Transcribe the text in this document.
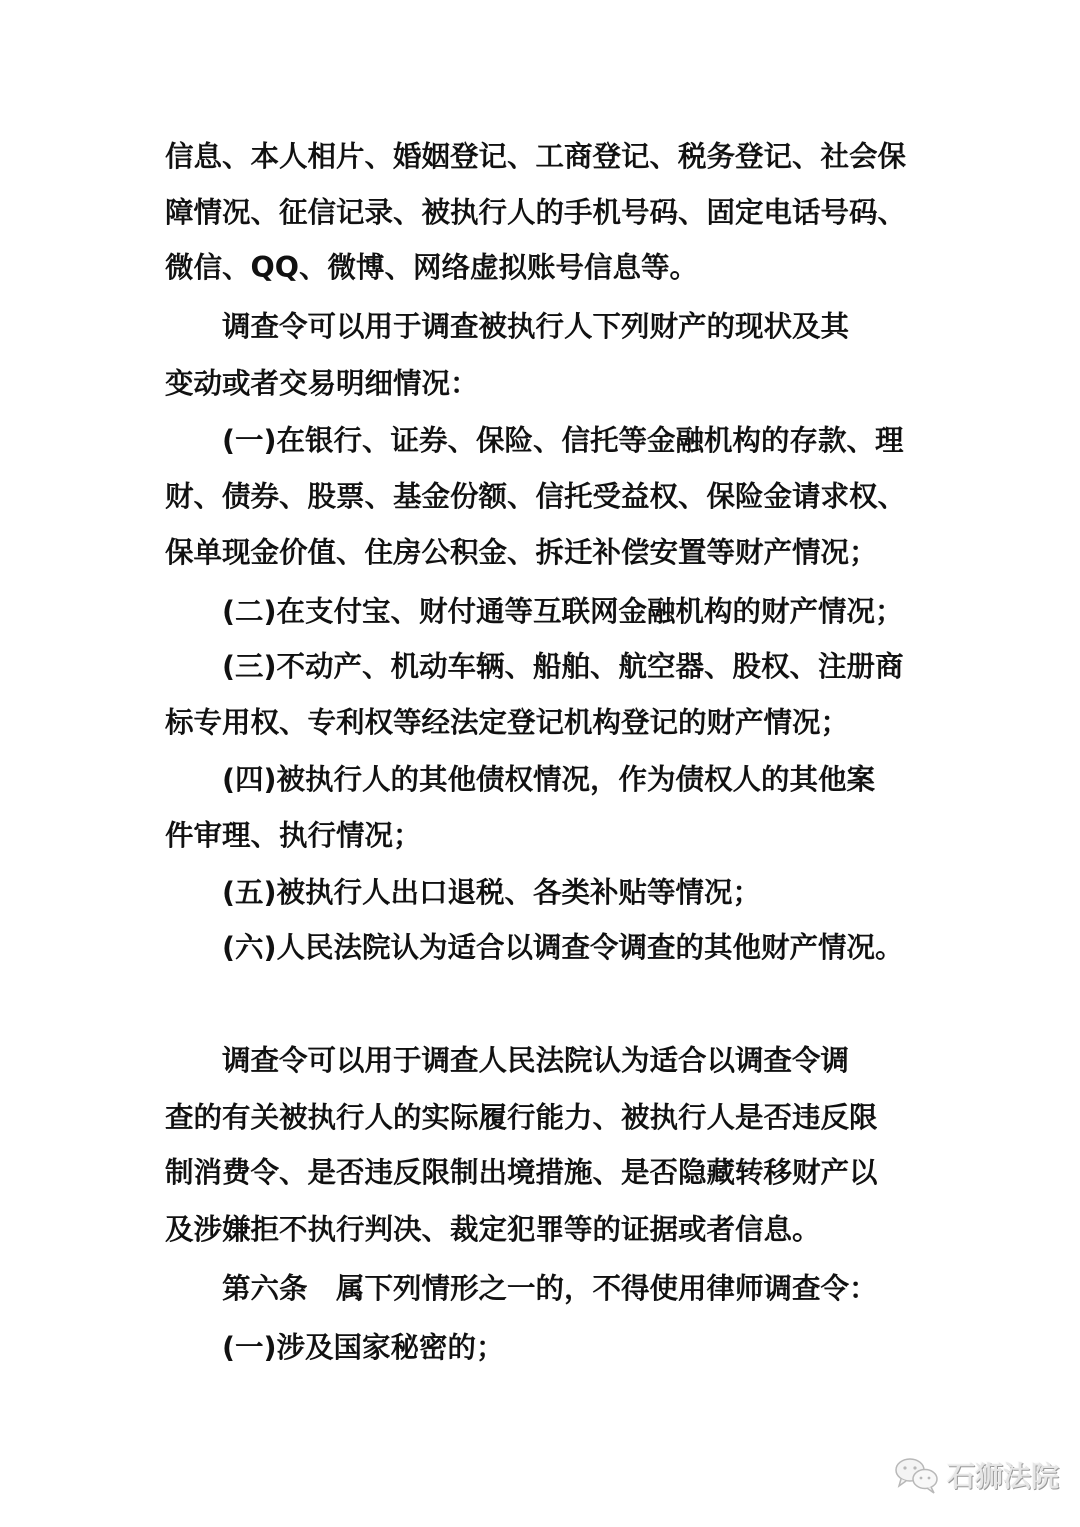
信息、本人相片、婚姻登记、工商登记、税务登记、社会保
障情况、征信记录、被执行人的手机号码、固定电话号码、
微信、QQ、微博、网络虚拟账号信息等。
调查令可以用于调查被执行人下列财产的现状及其
变动或者交易明细情况：
(一)在银行、证券、保险、信托等金融机构的存款、理
财、债券、股票、基金份额、信托受益权、保险金请求权、
保单现金价值、住房公积金、拆迁补偿安置等财产情况；
(二)在支付宝、财付通等互联网金融机构的财产情况；
(三)不动产、机动车辆、船舶、航空器、股权、注册商
标专用权、专利权等经法定登记机构登记的财产情况；
(四)被执行人的其他债权情况，作为债权人的其他案
件审理、执行情况；
(五)被执行人出口退税、各类补贴等情况；
(六)人民法院认为适合以调查令调查的其他财产情况。
调查令可以用于调查人民法院认为适合以调查令调
查的有关被执行人的实际履行能力、被执行人是否违反限
制消费令、是否违反限制出境措施、是否隐藏转移财产以
及涉嫌拒不执行判决、裁定犯罪等的证据或者信息。
第六条　属下列情形之一的，不得使用律师调查令：
(一)涉及国家秘密的；
石狮法院
